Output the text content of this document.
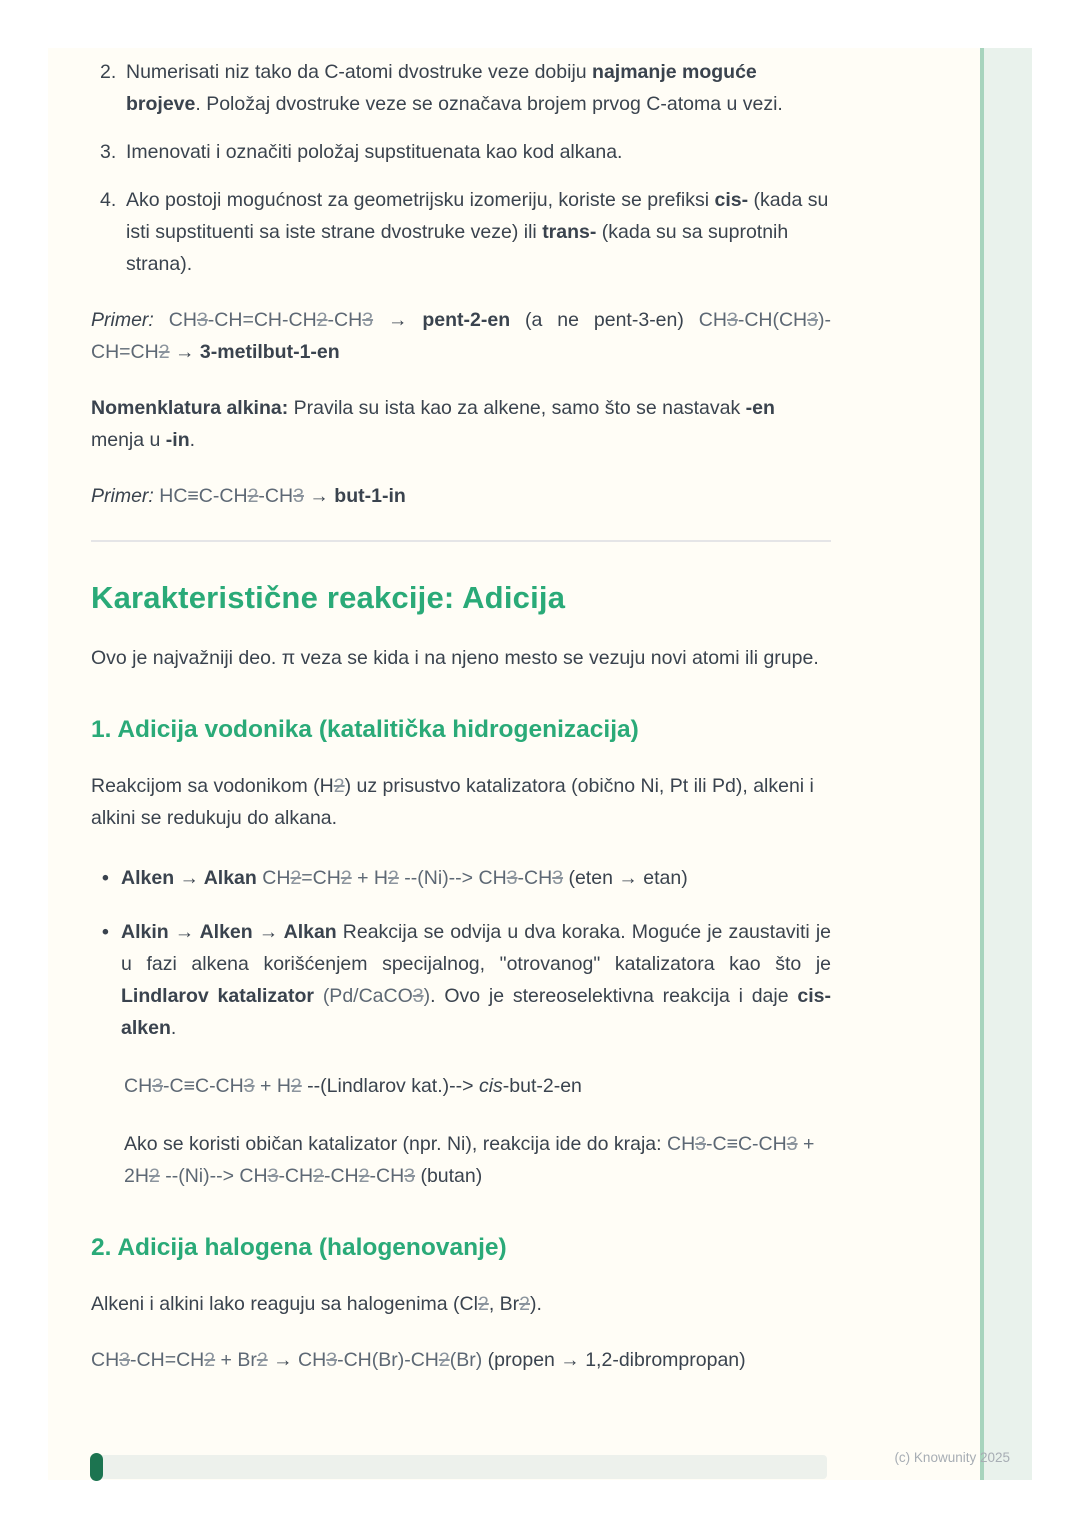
2. Numerisati niz tako da C-atomi dvostruke veze dobiju najmanje moguće brojeve. Položaj dvostruke veze se označava brojem prvog C-atoma u vezi.
3. Imenovati i označiti položaj supstituenata kao kod alkana.
4. Ako postoji mogućnost za geometrijsku izomeriju, koriste se prefiksi cis- (kada su isti supstituenti sa iste strane dvostruke veze) ili trans- (kada su sa suprotnih strana).
Primer: CH3-CH=CH-CH2-CH3 → pent-2-en (a ne pent-3-en) CH3-CH(CH3)-CH=CH2 → 3-metilbut-1-en
Nomenklatura alkina: Pravila su ista kao za alkene, samo što se nastavak -en menja u -in.
Primer: HC≡C-CH2-CH3 → but-1-in
Karakteristične reakcije: Adicija
Ovo je najvažniji deo. π veza se kida i na njeno mesto se vezuju novi atomi ili grupe.
1. Adicija vodonika (katalitička hidrogenizacija)
Reakcijom sa vodonikom (H2) uz prisustvo katalizatora (obično Ni, Pt ili Pd), alkeni i alkini se redukuju do alkana.
• Alken → Alkan CH2=CH2 + H2 --(Ni)--> CH3-CH3 (eten → etan)
• Alkin → Alken → Alkan Reakcija se odvija u dva koraka. Moguće je zaustaviti je u fazi alkena korišćenjem specijalnog, "otrovanog" katalizatora kao što je Lindlarov katalizator (Pd/CaCO3). Ovo je stereoselektivna reakcija i daje cis-alken.
CH3-C≡C-CH3 + H2 --(Lindlarov kat.)--> cis-but-2-en
Ako se koristi običan katalizator (npr. Ni), reakcija ide do kraja: CH3-C≡C-CH3 + 2H2 --(Ni)--> CH3-CH2-CH2-CH3 (butan)
2. Adicija halogena (halogenovanje)
Alkeni i alkini lako reaguju sa halogenima (Cl2, Br2).
CH3-CH=CH2 + Br2 → CH3-CH(Br)-CH2(Br) (propen → 1,2-dibrompropan)
(c) Knowunity 2025
